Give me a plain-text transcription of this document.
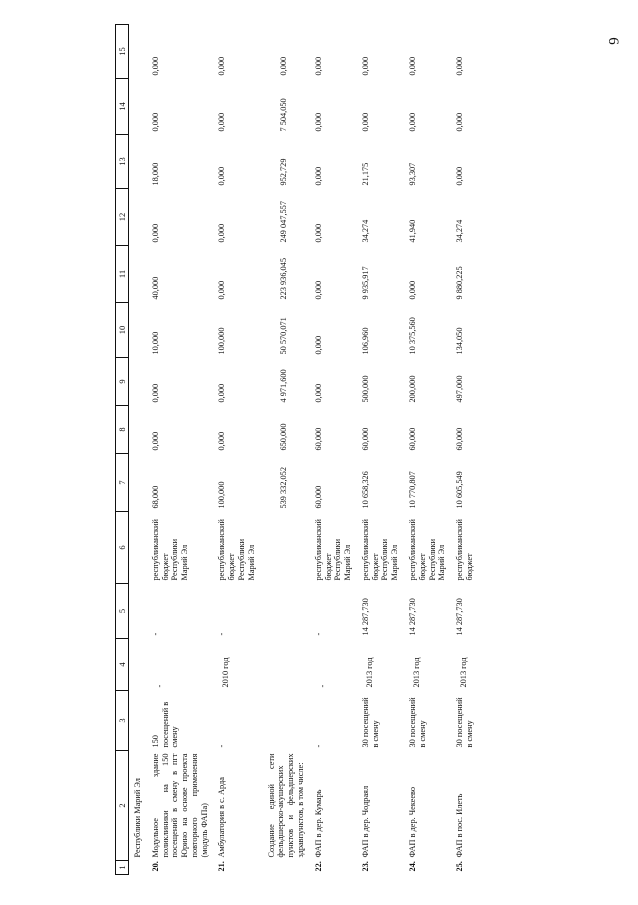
6
1	2	3	4	5	6	7	8	9	10	11	12	13	14	15
	Республики Марий Эл													
20.	Модульное здание поликлиники на 150 посещений в смену в пгт Юрино на основе проекта повторного применения (модуль ФАПа)	150 посещений в смену	-	-	республиканский бюджет Республики Марий Эл	68,000	0,000	0,000	10,000	40,000	0,000	18,000	0,000	0,000
21.	Амбулатория в с. Арда	-	2010 год	-	республиканский бюджет Республики Марий Эл	100,000	0,000	0,000	100,000	0,000	0,000	0,000	0,000	0,000
	Создание единой сети фельдшерско-акушерских пунктов и фельдшерских здравпунктов, в том числе:					539 332,052	650,000	4 971,600	50 570,071	223 936,045	249 047,557	952,729	7 504,050	0,000
22.	ФАП в дер. Кумарь	-	-	-	республиканский бюджет Республики Марий Эл	60,000	60,000	0,000	0,000	0,000	0,000	0,000	0,000	0,000
23.	ФАП в дер. Чодраял	30 посещений в смену	2013 год	14 287,730	республиканский бюджет Республики Марий Эл	10 658,326	60,000	500,000	106,960	9 935,917	34,274	21,175	0,000	0,000
24.	ФАП в дер. Чекеево	30 посещений в смену	2013 год	14 287,730	республиканский бюджет Республики Марий Эл	10 770,807	60,000	200,000	10 375,560	0,000	41,940	93,307	0,000	0,000
25.	ФАП в пос. Илеть	30 посещений в смену	2013 год	14 287,730	республиканский бюджет	10 605,549	60,000	497,000	134,050	9 880,225	34,274	0,000	0,000	0,000
